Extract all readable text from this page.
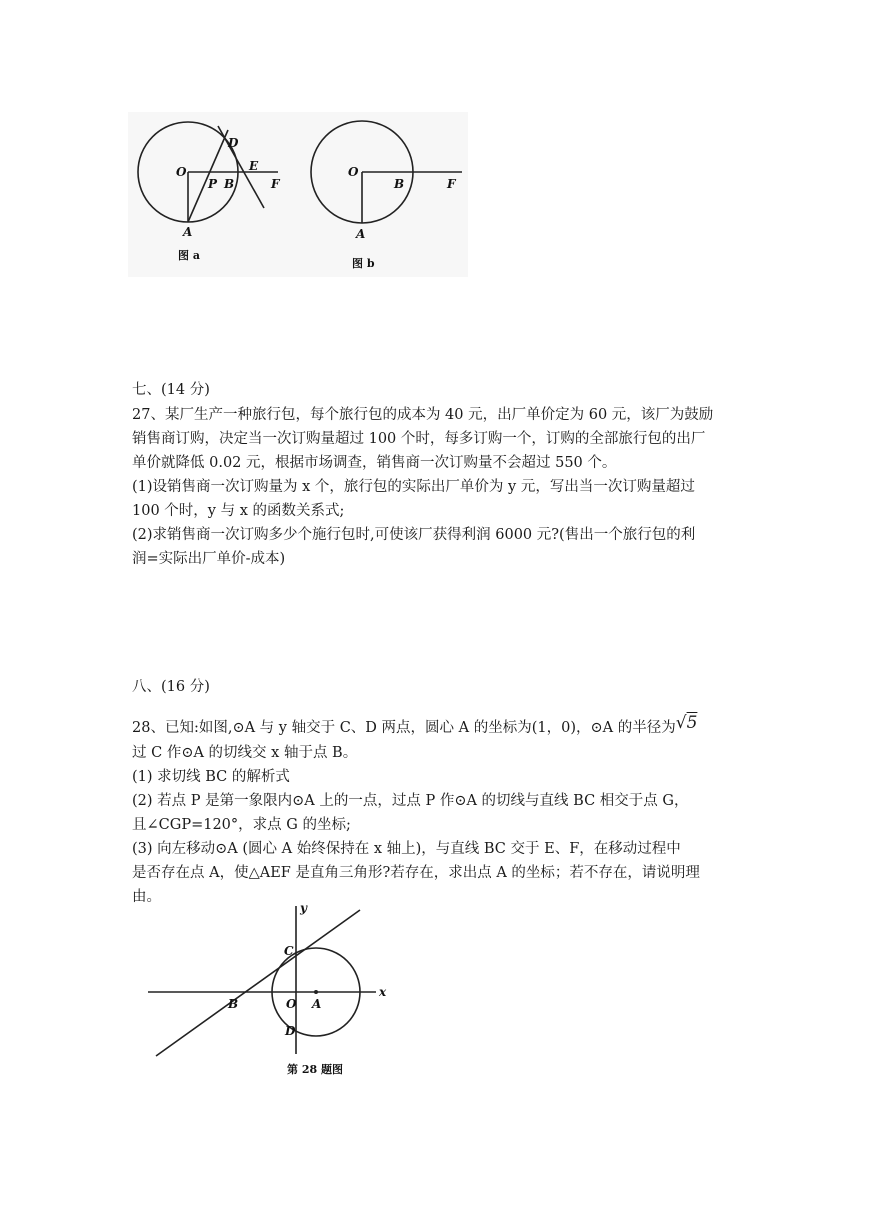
D
O
P B
E
F
A
图 a
O
B	F
A
图 b
七、(14 分)
27、某厂生产一种旅行包，每个旅行包的成本为 40 元，出厂单价定为 60 元，该厂为鼓励
销售商订购，决定当一次订购量超过 100 个时，每多订购一个，订购的全部旅行包的出厂
单价就降低 0.02 元，根据市场调查，销售商一次订购量不会超过 550 个。
(1)设销售商一次订购量为 x 个，旅行包的实际出厂单价为 y 元，写出当一次订购量超过
100 个时，y 与 x 的函数关系式;
(2)求销售商一次订购多少个施行包时,可使该厂获得利润 6000 元?(售出一个旅行包的利
润=实际出厂单价-成本)
八、(16 分)
28、已知:如图,⊙A 与 y 轴交于 C、D 两点，圆心 A 的坐标为(1，0)，⊙A 的半径为√5
过 C 作⊙A 的切线交 x 轴于点 B。
(1) 求切线 BC 的解析式
(2) 若点 P 是第一象限内⊙A 上的一点，过点 P 作⊙A 的切线与直线 BC 相交于点 G，
且∠CGP=120°，求点 G 的坐标;
(3) 向左移动⊙A (圆心 A 始终保持在 x 轴上)，与直线 BC 交于 E、F，在移动过程中
是否存在点 A，使△AEF 是直角三角形?若存在，求出点 A 的坐标；若不存在，请说明理
由。
y
C
B	O A
x
D
第 28 题图
